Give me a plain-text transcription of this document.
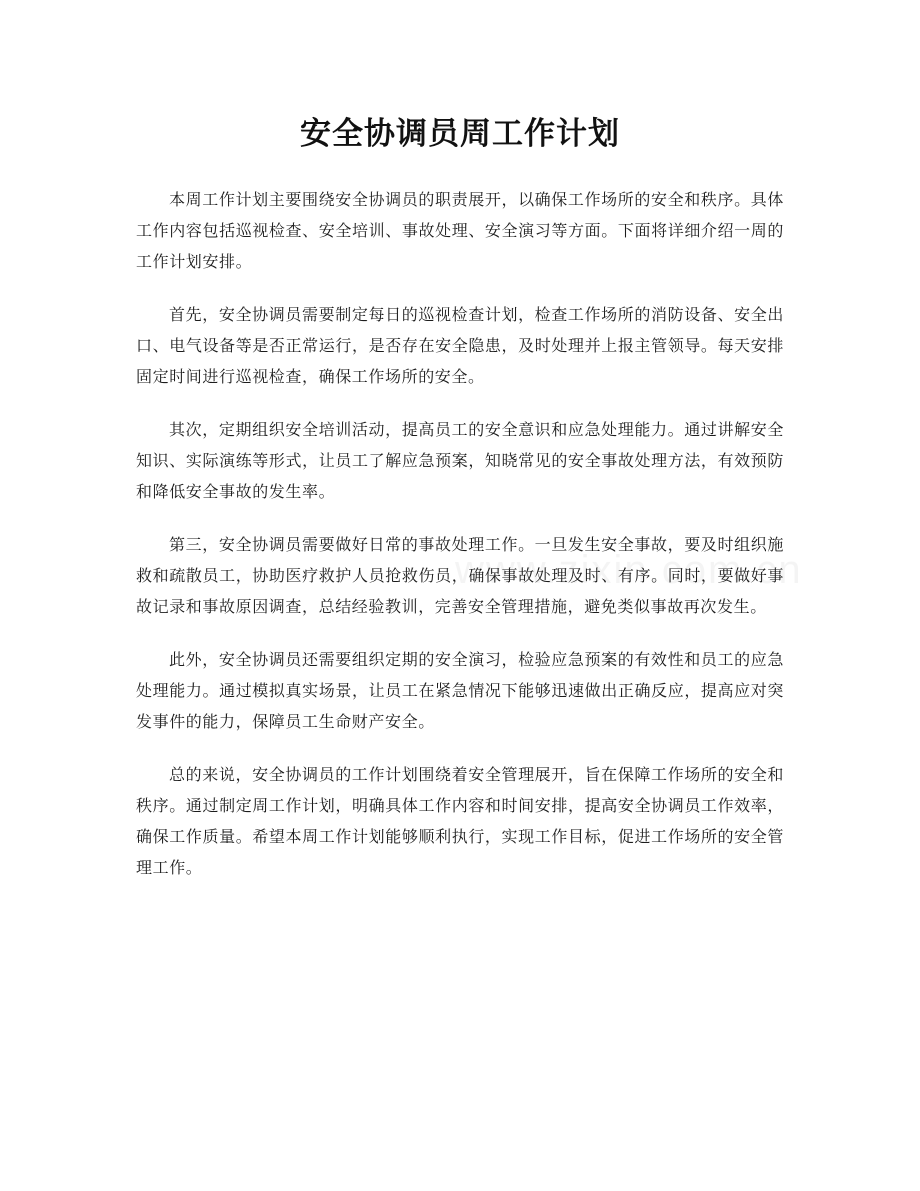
安全协调员周工作计划

本周工作计划主要围绕安全协调员的职责展开，以确保工作场所的安全和秩序。具体工作内容包括巡视检查、安全培训、事故处理、安全演习等方面。下面将详细介绍一周的工作计划安排。

首先，安全协调员需要制定每日的巡视检查计划，检查工作场所的消防设备、安全出口、电气设备等是否正常运行，是否存在安全隐患，及时处理并上报主管领导。每天安排固定时间进行巡视检查，确保工作场所的安全。

其次，定期组织安全培训活动，提高员工的安全意识和应急处理能力。通过讲解安全知识、实际演练等形式，让员工了解应急预案，知晓常见的安全事故处理方法，有效预防和降低安全事故的发生率。

第三，安全协调员需要做好日常的事故处理工作。一旦发生安全事故，要及时组织施救和疏散员工，协助医疗救护人员抢救伤员，确保事故处理及时、有序。同时，要做好事故记录和事故原因调查，总结经验教训，完善安全管理措施，避免类似事故再次发生。

此外，安全协调员还需要组织定期的安全演习，检验应急预案的有效性和员工的应急处理能力。通过模拟真实场景，让员工在紧急情况下能够迅速做出正确反应，提高应对突发事件的能力，保障员工生命财产安全。

总的来说，安全协调员的工作计划围绕着安全管理展开，旨在保障工作场所的安全和秩序。通过制定周工作计划，明确具体工作内容和时间安排，提高安全协调员工作效率，确保工作质量。希望本周工作计划能够顺利执行，实现工作目标，促进工作场所的安全管理工作。
